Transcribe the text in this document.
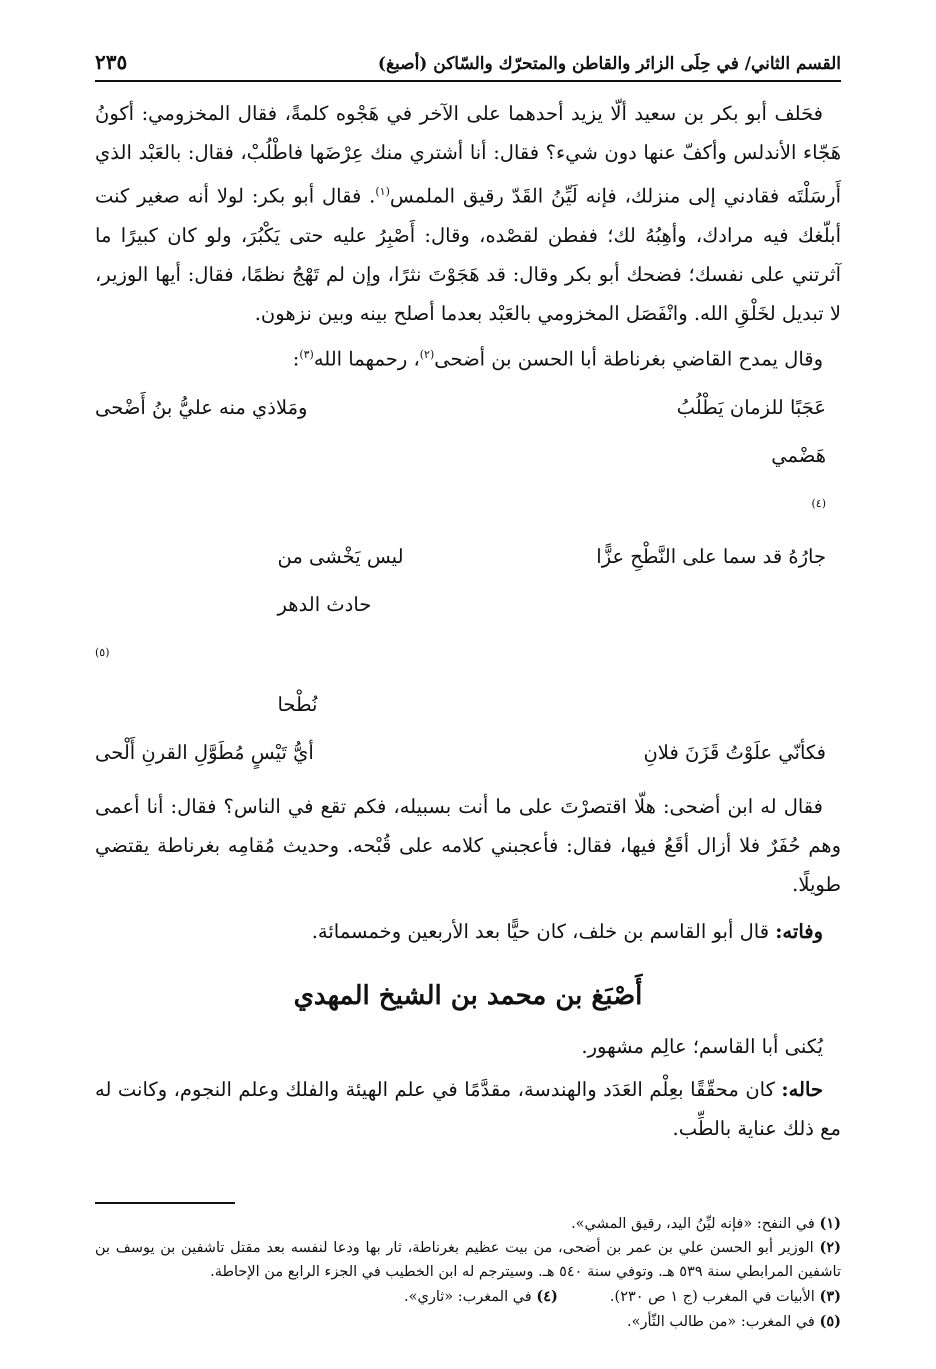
القسم الثاني/ في حِلَى الزائر والقاطن والمتحرّك والسّاكن (أصبغ)
٢٣٥

فحَلف أبو بكر بن سعيد ألّا يزيد أحدهما على الآخر في هَجْوه كلمةً، فقال المخزومي: أكونُ هَجّاء الأندلس وأكفّ عنها دون شيء؟ فقال: أنا أشتري منك عِرْضَها فاطْلُبْ، فقال: بالعَبْد الذي أَرسَلْتَه فقادني إلى منزلك، فإنه لَيِّنُ القَدّ رقيق الملمس$^{(١)}$. فقال أبو بكر: لولا أنه صغير كنت أبلّغك فيه مرادك، وأهِبُهُ لك؛ ففطن لقصْده، وقال: أَصْبِرُ عليه حتى يَكْبُرَ، ولو كان كبيرًا ما آثرتني على نفسك؛ فضحك أبو بكر وقال: قد هَجَوْتَ نثرًا، وإن لم تَهْجُ نظمًا، فقال: أيها الوزير، لا تبديل لخَلْقِ الله. وانْفَصَل المخزومي بالعَبْد بعدما أصلح بينه وبين نزهون.

وقال يمدح القاضي بغرناطة أبا الحسن بن أضحى$^{(٢)}$، رحمهما الله$^{(٣)}$:

عَجَبًا للزمان يَطْلُبُ هَضْمي
$^{(٤)}$
ومَلاذي منه عليُّ بنُ أَضْحى
جارُهُ قد سما على النَّطْحِ عزًّا
ليس يَخْشى من حادث الدهر
$^{(٥)}$
نُطْحا
فكأنّي علَوْتُ قَزَنَ فلانِ
أيُّ تَيْسٍ مُطَوَّلِ القرنِ أَلْحى

فقال له ابن أضحى: هلّا اقتصرْتَ على ما أنت بسبيله، فكم تقع في الناس؟ فقال: أنا أعمى وهم حُفَرٌ فلا أزال أقَعُ فيها، فقال: فأعجبني كلامه على قُبْحه. وحديث مُقامِه بغرناطة يقتضي طويلًا.

وفاته: قال أبو القاسم بن خلف، كان حيًّا بعد الأربعين وخمسمائة.

أَصْبَغ بن محمد بن الشيخ المهدي

يُكنى أبا القاسم؛ عالِم مشهور.

حاله: كان محقّقًا بعِلْم العَدَد والهندسة، مقدَّمًا في علم الهيئة والفلك وعلم النجوم، وكانت له مع ذلك عناية بالطِّب.

(١) في النفح: «فإنه ليِّنُ اليد، رقيق المشي».

(٢) الوزير أبو الحسن علي بن عمر بن أضحى، من بيت عظيم بغرناطة، ثار بها ودعا لنفسه بعد مقتل تاشفين بن يوسف بن تاشفين المرابطي سنة ٥٣٩ هـ. وتوفي سنة ٥٤٠ هـ. وسيترجم له ابن الخطيب في الجزء الرابع من الإحاطة.

(٣) الأبيات في المغرب (ج ١ ص ٢٣٠).
(٤) في المغرب: «ثاري».

(٥) في المغرب: «من طالب الثّأر».
